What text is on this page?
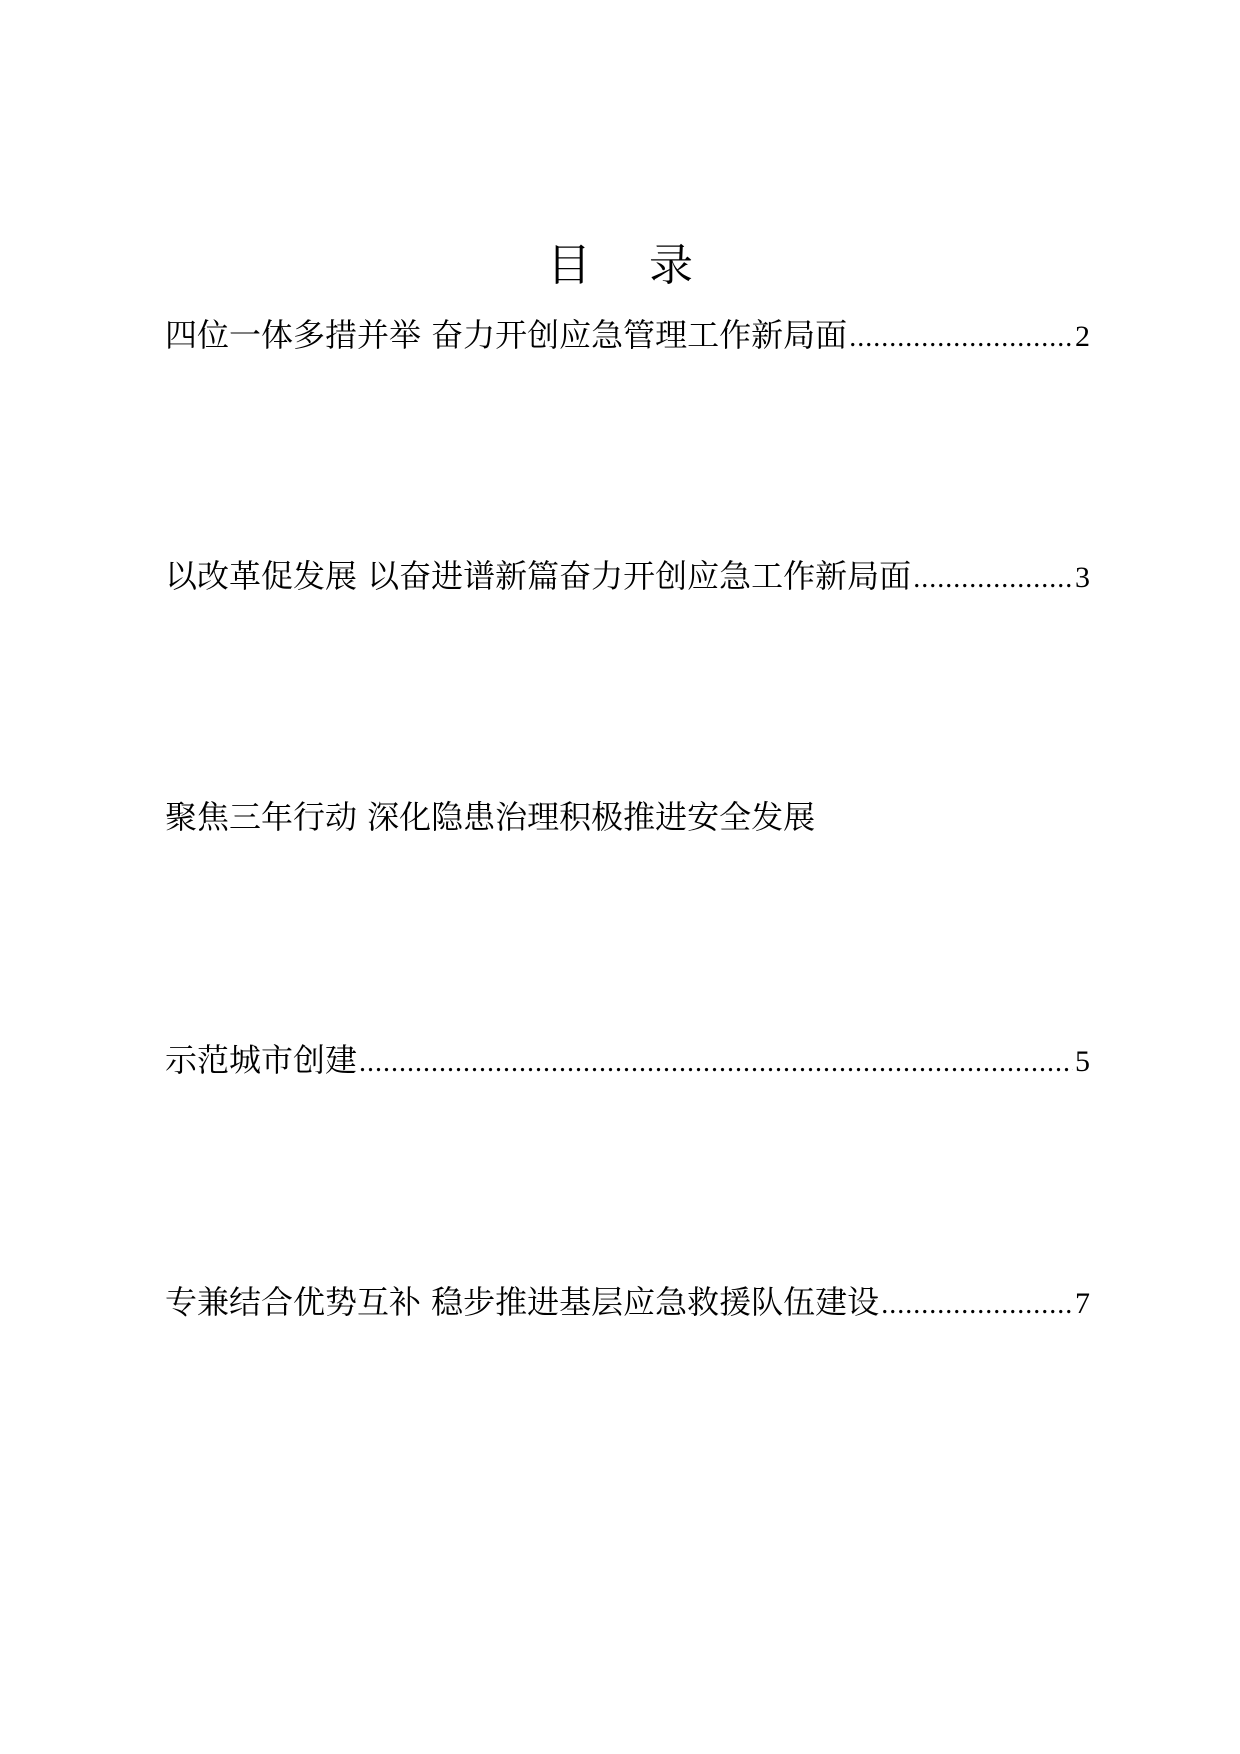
目 录
四位一体多措并举 奋力开创应急管理工作新局面 .....	2
以改革促发展 以奋进谱新篇奋力开创应急工作新局面 .....	3
聚焦三年行动 深化隐患治理积极推进安全发展
示范城市创建 .....	5
专兼结合优势互补 稳步推进基层应急救援队伍建设 .....	7
